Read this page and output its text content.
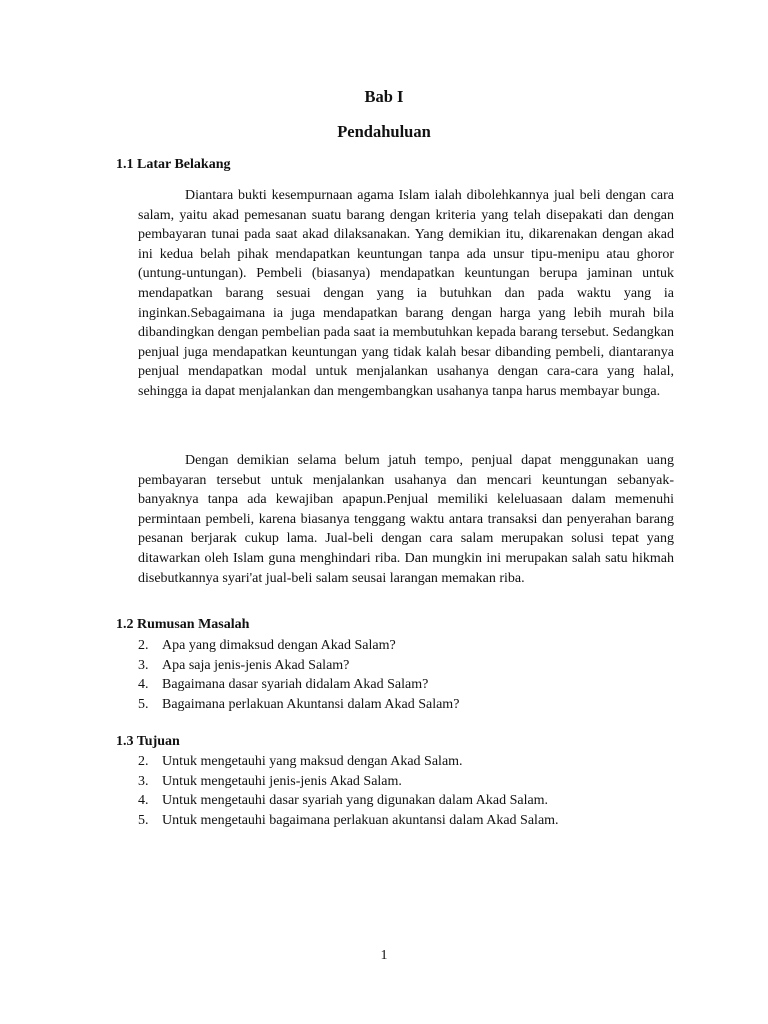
Bab I
Pendahuluan
1.1 Latar Belakang

Diantara bukti kesempurnaan agama Islam ialah dibolehkannya jual beli dengan cara salam, yaitu akad pemesanan suatu barang dengan kriteria yang telah disepakati dan dengan pembayaran tunai pada saat akad dilaksanakan. Yang demikian itu, dikarenakan dengan akad ini kedua belah pihak mendapatkan keuntungan tanpa ada unsur tipu-menipu atau ghoror (untung-untungan). Pembeli (biasanya) mendapatkan keuntungan berupa jaminan untuk mendapatkan barang sesuai dengan yang ia butuhkan dan pada waktu yang ia inginkan.Sebagaimana ia juga mendapatkan barang dengan harga yang lebih murah bila dibandingkan dengan pembelian pada saat ia membutuhkan kepada barang tersebut. Sedangkan penjual juga mendapatkan keuntungan yang tidak kalah besar dibanding pembeli, diantaranya penjual mendapatkan modal untuk menjalankan usahanya dengan cara-cara yang halal, sehingga ia dapat menjalankan dan mengembangkan usahanya tanpa harus membayar bunga.

Dengan demikian selama belum jatuh tempo, penjual dapat menggunakan uang pembayaran tersebut untuk menjalankan usahanya dan mencari keuntungan sebanyak-banyaknya tanpa ada kewajiban apapun.Penjual memiliki keleluasaan dalam memenuhi permintaan pembeli, karena biasanya tenggang waktu antara transaksi dan penyerahan barang pesanan berjarak cukup lama. Jual-beli dengan cara salam merupakan solusi tepat yang ditawarkan oleh Islam guna menghindari riba. Dan mungkin ini merupakan salah satu hikmah disebutkannya syari'at jual-beli salam seusai larangan memakan riba.

1.2 Rumusan Masalah
2. Apa yang dimaksud dengan Akad Salam?
3. Apa saja jenis-jenis Akad Salam?
4. Bagaimana dasar syariah didalam Akad Salam?
5. Bagaimana perlakuan Akuntansi dalam Akad Salam?
1.3 Tujuan
2. Untuk mengetauhi yang maksud dengan Akad Salam.
3. Untuk mengetauhi jenis-jenis Akad Salam.
4. Untuk mengetauhi dasar syariah yang digunakan dalam Akad Salam.
5. Untuk mengetauhi bagaimana perlakuan akuntansi dalam Akad Salam.

1
